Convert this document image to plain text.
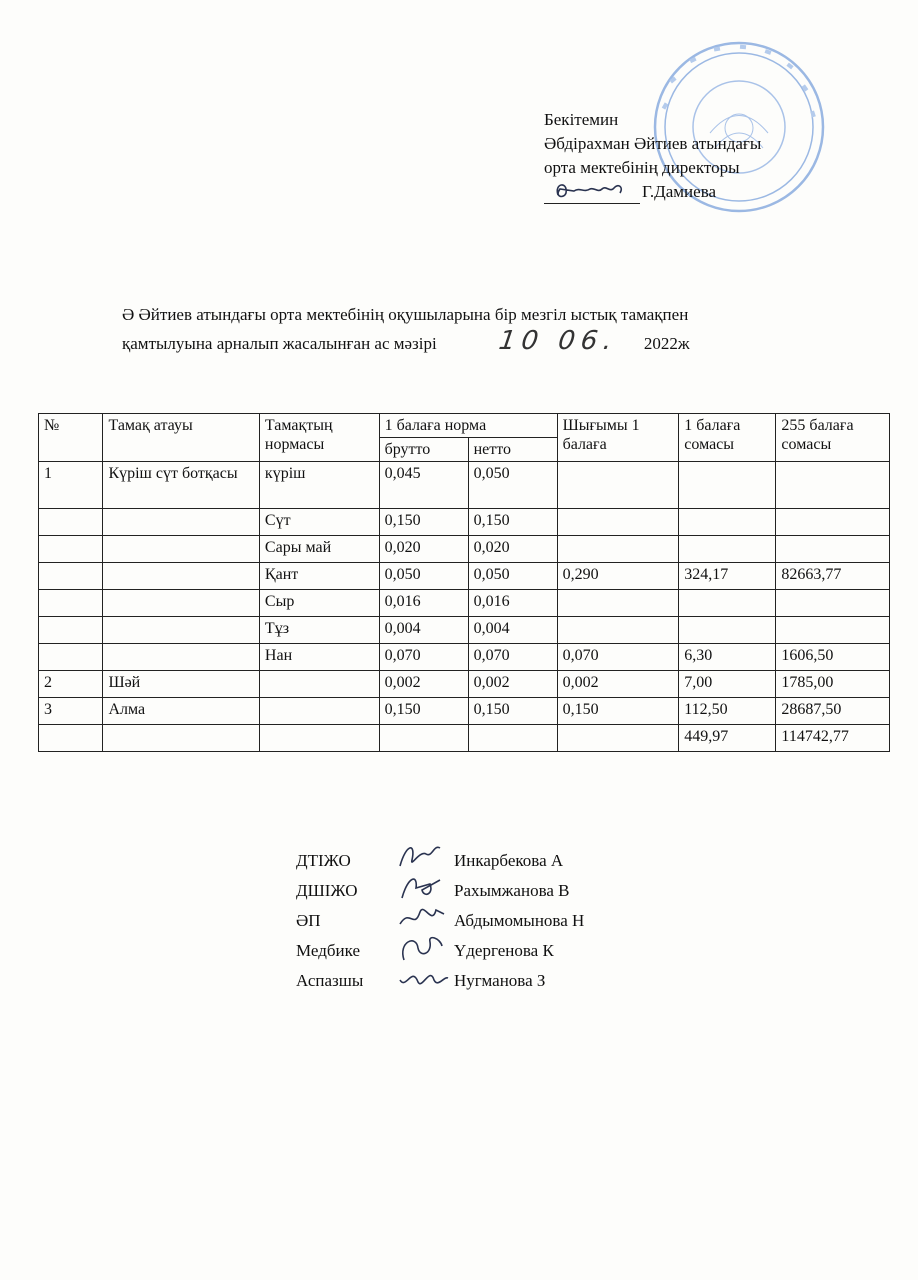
Бекітемин
Әбдірахман Әйтиев атындағы
орта мектебінің директоры
Г.Дамиева
Ә Әйтиев атындағы орта мектебінің оқушыларына бір мезгіл ыстық тамақпен
қамтылуына арналып жасалынған ас мәзірі 10 06. 2022ж
№	Тамақ атауы	Тамақтың нормасы	1 балаға норма		Шығымы 1 балаға	1 балаға сомасы	255 балаға сомасы
			брутто	нетто			
1	Күріш сүт ботқасы	күріш	0,045	0,050			
		Сүт	0,150	0,150			
		Сары май	0,020	0,020			
		Қант	0,050	0,050	0,290	324,17	82663,77
		Сыр	0,016	0,016			
		Тұз	0,004	0,004			
		Нан	0,070	0,070	0,070	6,30	1606,50
2	Шәй		0,002	0,002	0,002	7,00	1785,00
3	Алма		0,150	0,150	0,150	112,50	28687,50
						449,97	114742,77
ДТІЖО	Инкарбекова А
ДШІЖО	Рахымжанова В
ӘП	Абдымомынова Н
Медбике	Үдергенова К
Аспазшы	Нугманова З
